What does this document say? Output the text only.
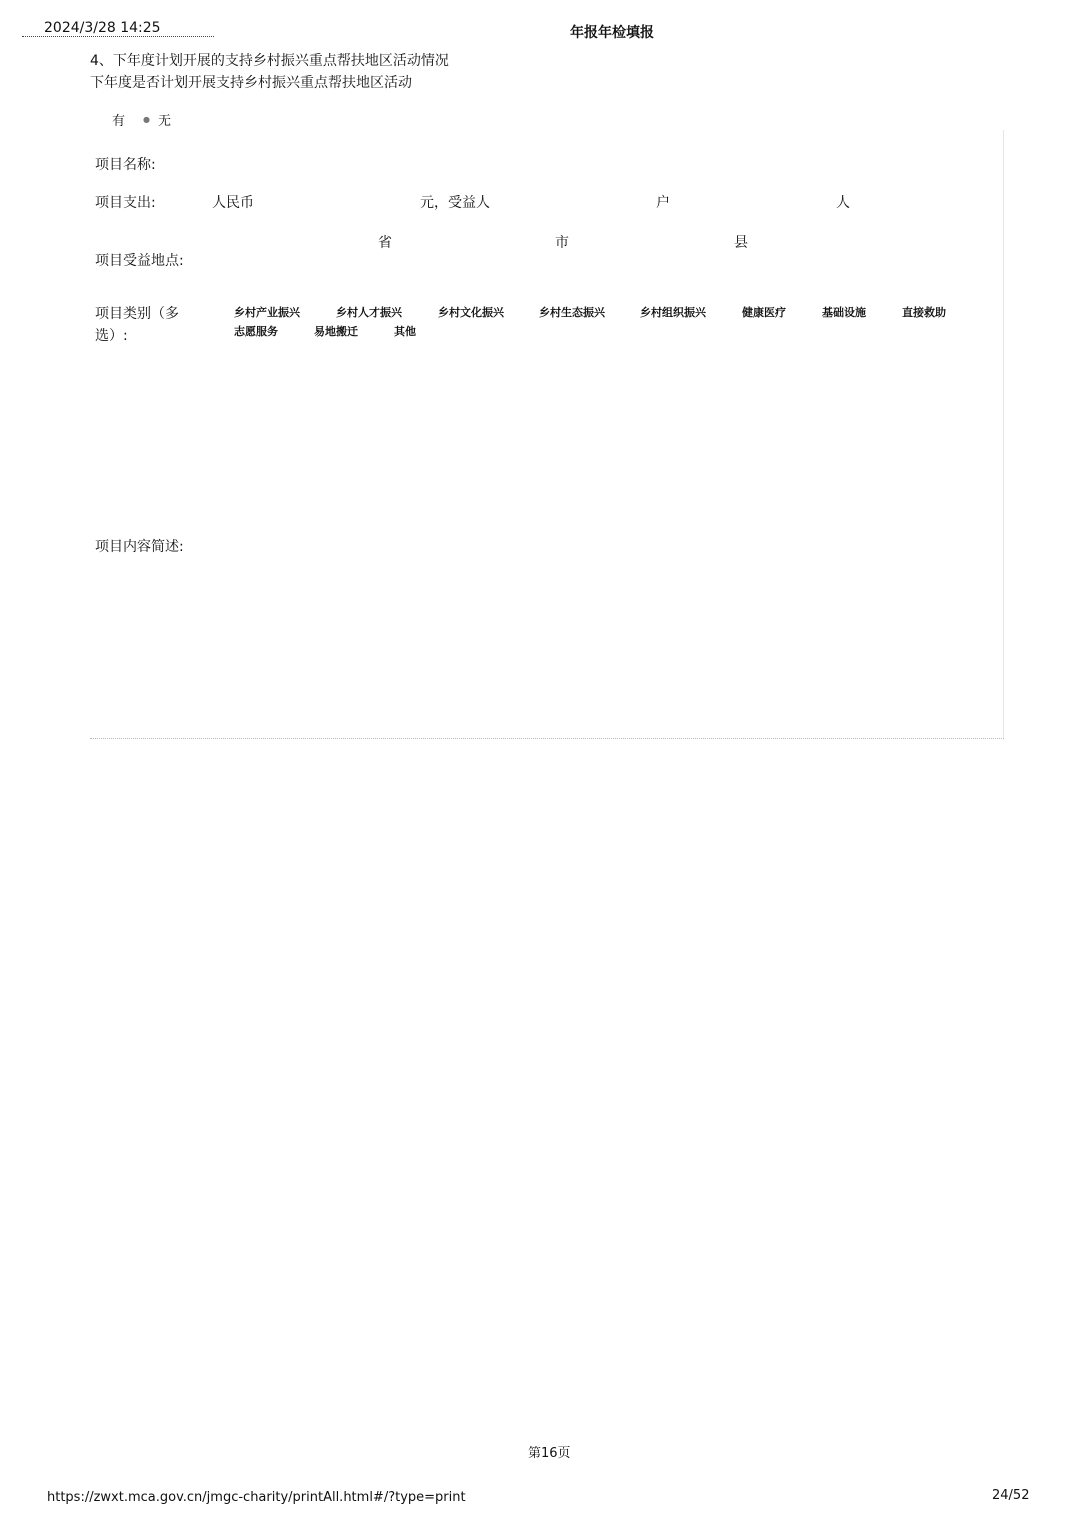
2024/3/28 14:25	年报年检填报
4、下年度计划开展的支持乡村振兴重点帮扶地区活动情况
下年度是否计划开展支持乡村振兴重点帮扶地区活动
有 ● 无
项目名称:
项目支出:	人民币	元，受益人	户	人
省	市	县
项目受益地点:
项目类别（多
选）:
乡村产业振兴	乡村人才振兴	乡村文化振兴	乡村生态振兴	乡村组织振兴	健康医疗	基础设施	直接救助
志愿服务	易地搬迁	其他
项目内容简述:
第16页
https://zwxt.mca.gov.cn/jmgc-charity/printAll.html#/?type=print	24/52
